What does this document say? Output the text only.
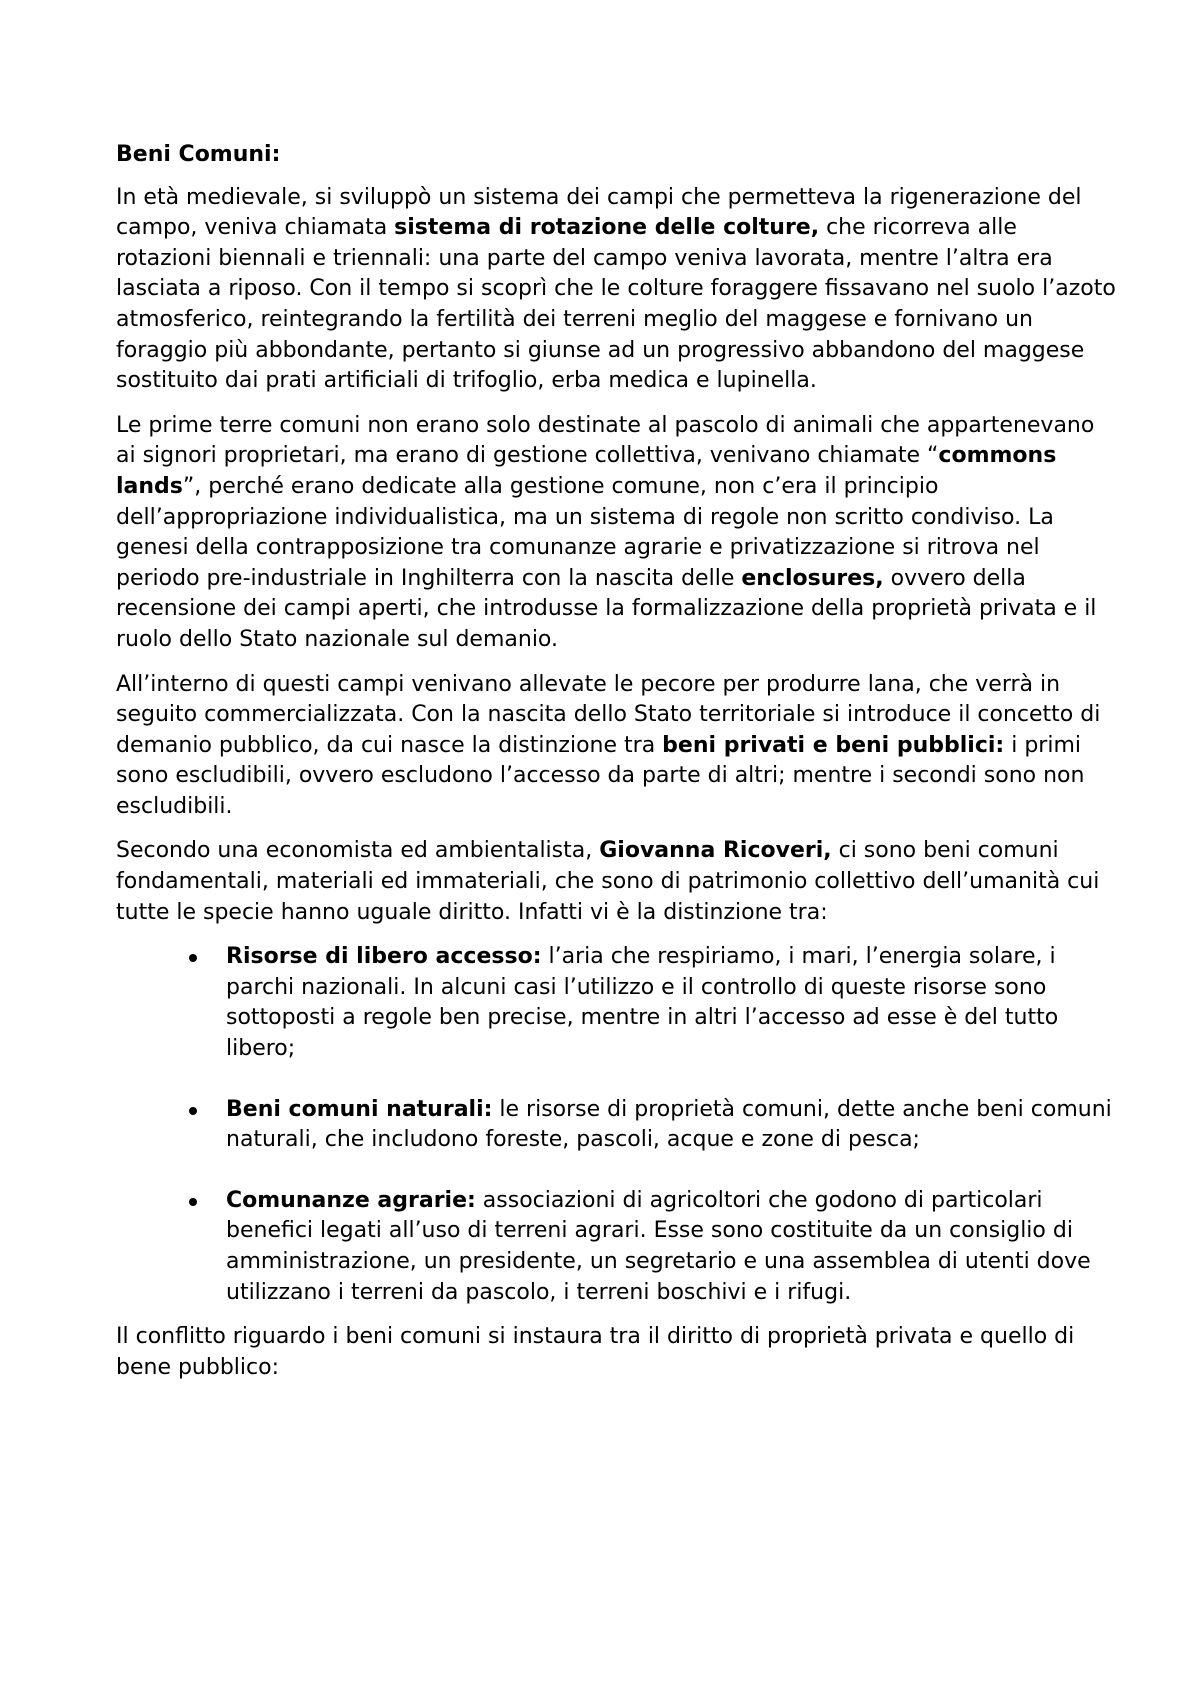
Beni Comuni:

In età medievale, si sviluppò un sistema dei campi che permetteva la rigenerazione del campo, veniva chiamata sistema di rotazione delle colture, che ricorreva alle rotazioni biennali e triennali: una parte del campo veniva lavorata, mentre l’altra era lasciata a riposo. Con il tempo si scoprì che le colture foraggere fissavano nel suolo l’azoto atmosferico, reintegrando la fertilità dei terreni meglio del maggese e fornivano un foraggio più abbondante, pertanto si giunse ad un progressivo abbandono del maggese sostituito dai prati artificiali di trifoglio, erba medica e lupinella.

Le prime terre comuni non erano solo destinate al pascolo di animali che appartenevano ai signori proprietari, ma erano di gestione collettiva, venivano chiamate “commons lands”, perché erano dedicate alla gestione comune, non c’era il principio dell’appropriazione individualistica, ma un sistema di regole non scritto condiviso. La genesi della contrapposizione tra comunanze agrarie e privatizzazione si ritrova nel periodo pre-industriale in Inghilterra con la nascita delle enclosures, ovvero della recensione dei campi aperti, che introdusse la formalizzazione della proprietà privata e il ruolo dello Stato nazionale sul demanio.

All’interno di questi campi venivano allevate le pecore per produrre lana, che verrà in seguito commercializzata. Con la nascita dello Stato territoriale si introduce il concetto di demanio pubblico, da cui nasce la distinzione tra beni privati e beni pubblici: i primi sono escludibili, ovvero escludono l’accesso da parte di altri; mentre i secondi sono non escludibili.

Secondo una economista ed ambientalista, Giovanna Ricoveri, ci sono beni comuni fondamentali, materiali ed immateriali, che sono di patrimonio collettivo dell’umanità cui tutte le specie hanno uguale diritto. Infatti vi è la distinzione tra:

Risorse di libero accesso: l’aria che respiriamo, i mari, l’energia solare, i parchi nazionali. In alcuni casi l’utilizzo e il controllo di queste risorse sono sottoposti a regole ben precise, mentre in altri l’accesso ad esse è del tutto libero;
Beni comuni naturali: le risorse di proprietà comuni, dette anche beni comuni naturali, che includono foreste, pascoli, acque e zone di pesca;
Comunanze agrarie: associazioni di agricoltori che godono di particolari benefici legati all’uso di terreni agrari. Esse sono costituite da un consiglio di amministrazione, un presidente, un segretario e una assemblea di utenti dove utilizzano i terreni da pascolo, i terreni boschivi e i rifugi.

Il conflitto riguardo i beni comuni si instaura tra il diritto di proprietà privata e quello di bene pubblico:
